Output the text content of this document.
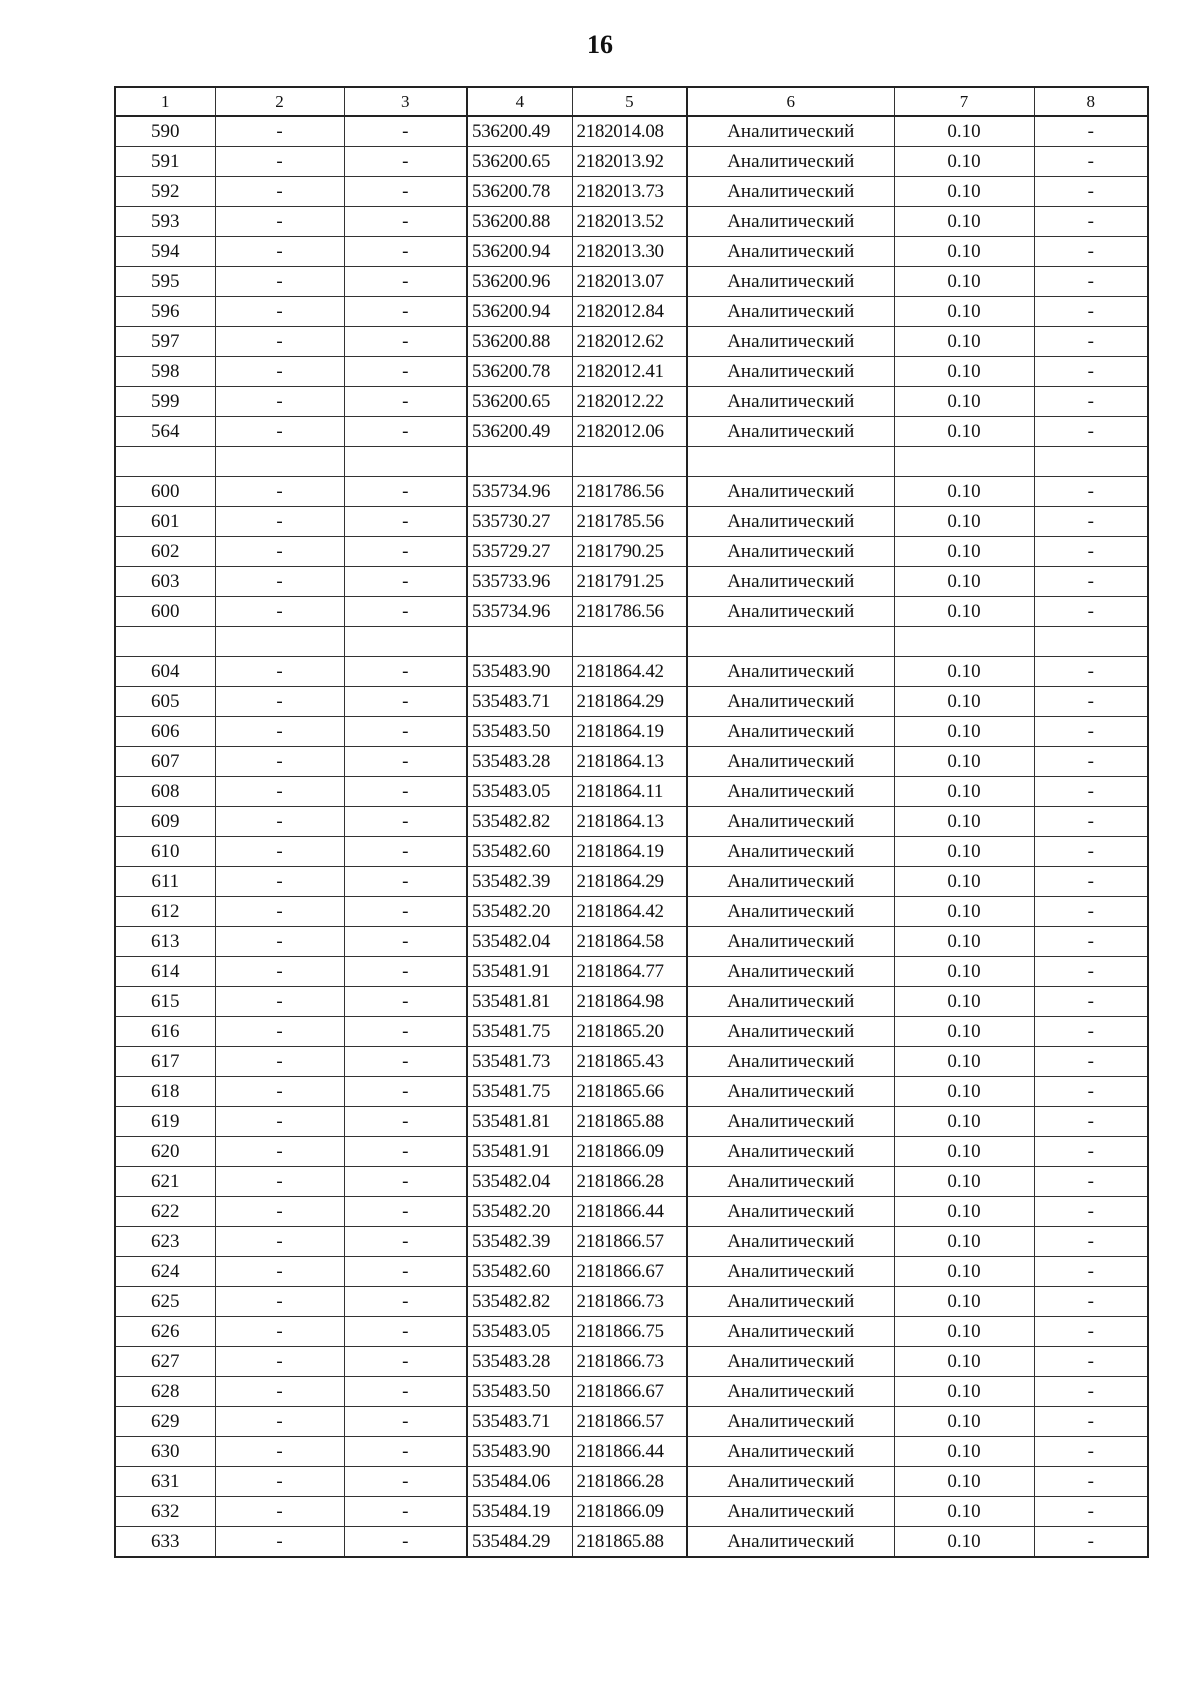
16
1	2	3	4	5	6	7	8
590	-	-	536200.49	2182014.08	Аналитический	0.10	-
591	-	-	536200.65	2182013.92	Аналитический	0.10	-
592	-	-	536200.78	2182013.73	Аналитический	0.10	-
593	-	-	536200.88	2182013.52	Аналитический	0.10	-
594	-	-	536200.94	2182013.30	Аналитический	0.10	-
595	-	-	536200.96	2182013.07	Аналитический	0.10	-
596	-	-	536200.94	2182012.84	Аналитический	0.10	-
597	-	-	536200.88	2182012.62	Аналитический	0.10	-
598	-	-	536200.78	2182012.41	Аналитический	0.10	-
599	-	-	536200.65	2182012.22	Аналитический	0.10	-
564	-	-	536200.49	2182012.06	Аналитический	0.10	-

600	-	-	535734.96	2181786.56	Аналитический	0.10	-
601	-	-	535730.27	2181785.56	Аналитический	0.10	-
602	-	-	535729.27	2181790.25	Аналитический	0.10	-
603	-	-	535733.96	2181791.25	Аналитический	0.10	-
600	-	-	535734.96	2181786.56	Аналитический	0.10	-

604	-	-	535483.90	2181864.42	Аналитический	0.10	-
605	-	-	535483.71	2181864.29	Аналитический	0.10	-
606	-	-	535483.50	2181864.19	Аналитический	0.10	-
607	-	-	535483.28	2181864.13	Аналитический	0.10	-
608	-	-	535483.05	2181864.11	Аналитический	0.10	-
609	-	-	535482.82	2181864.13	Аналитический	0.10	-
610	-	-	535482.60	2181864.19	Аналитический	0.10	-
611	-	-	535482.39	2181864.29	Аналитический	0.10	-
612	-	-	535482.20	2181864.42	Аналитический	0.10	-
613	-	-	535482.04	2181864.58	Аналитический	0.10	-
614	-	-	535481.91	2181864.77	Аналитический	0.10	-
615	-	-	535481.81	2181864.98	Аналитический	0.10	-
616	-	-	535481.75	2181865.20	Аналитический	0.10	-
617	-	-	535481.73	2181865.43	Аналитический	0.10	-
618	-	-	535481.75	2181865.66	Аналитический	0.10	-
619	-	-	535481.81	2181865.88	Аналитический	0.10	-
620	-	-	535481.91	2181866.09	Аналитический	0.10	-
621	-	-	535482.04	2181866.28	Аналитический	0.10	-
622	-	-	535482.20	2181866.44	Аналитический	0.10	-
623	-	-	535482.39	2181866.57	Аналитический	0.10	-
624	-	-	535482.60	2181866.67	Аналитический	0.10	-
625	-	-	535482.82	2181866.73	Аналитический	0.10	-
626	-	-	535483.05	2181866.75	Аналитический	0.10	-
627	-	-	535483.28	2181866.73	Аналитический	0.10	-
628	-	-	535483.50	2181866.67	Аналитический	0.10	-
629	-	-	535483.71	2181866.57	Аналитический	0.10	-
630	-	-	535483.90	2181866.44	Аналитический	0.10	-
631	-	-	535484.06	2181866.28	Аналитический	0.10	-
632	-	-	535484.19	2181866.09	Аналитический	0.10	-
633	-	-	535484.29	2181865.88	Аналитический	0.10	-
